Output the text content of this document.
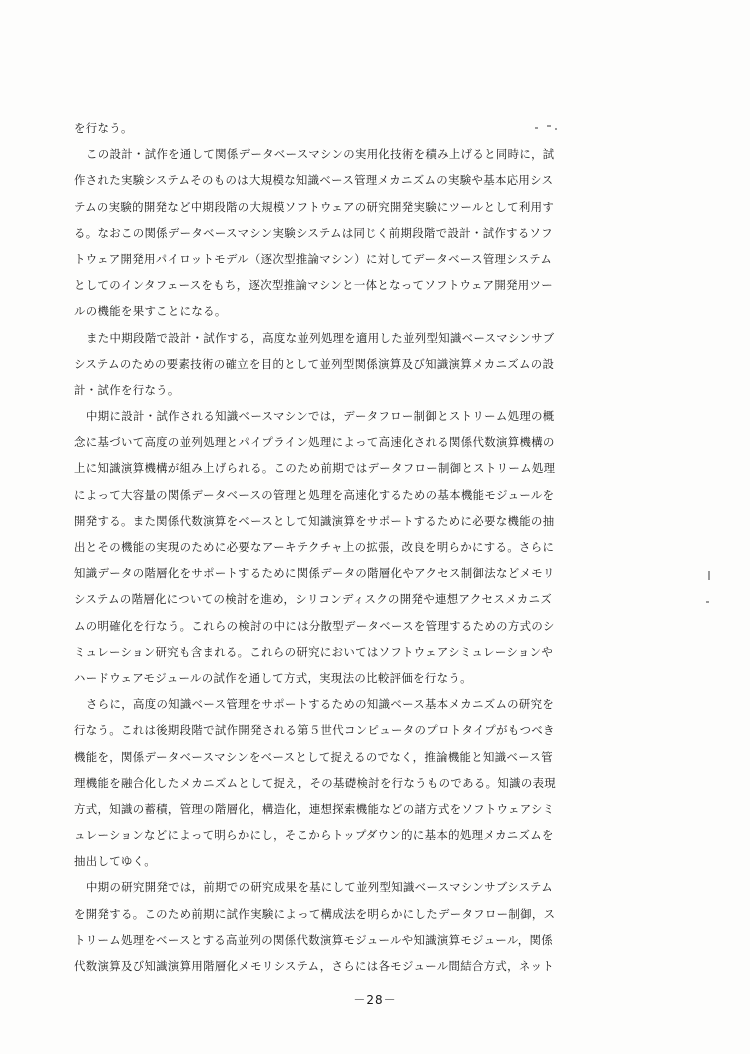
を行なう。
この設計・試作を通して関係データベースマシンの実用化技術を積み上げると同時に，試
作された実験システムそのものは大規模な知識ベース管理メカニズムの実験や基本応用シス
テムの実験的開発など中期段階の大規模ソフトウェアの研究開発実験にツールとして利用す
る。なおこの関係データベースマシン実験システムは同じく前期段階で設計・試作するソフ
トウェア開発用パイロットモデル（逐次型推論マシン）に対してデータベース管理システム
としてのインタフェースをもち，逐次型推論マシンと一体となってソフトウェア開発用ツー
ルの機能を果すことになる。
また中期段階で設計・試作する，高度な並列処理を適用した並列型知識ベースマシンサブ
システムのための要素技術の確立を目的として並列型関係演算及び知識演算メカニズムの設
計・試作を行なう。
中期に設計・試作される知識ベースマシンでは，データフロー制御とストリーム処理の概
念に基づいて高度の並列処理とパイプライン処理によって高速化される関係代数演算機構の
上に知識演算機構が組み上げられる。このため前期ではデータフロー制御とストリーム処理
によって大容量の関係データベースの管理と処理を高速化するための基本機能モジュールを
開発する。また関係代数演算をベースとして知識演算をサポートするために必要な機能の抽
出とその機能の実現のために必要なアーキテクチャ上の拡張，改良を明らかにする。さらに
知識データの階層化をサポートするために関係データの階層化やアクセス制御法などメモリ
システムの階層化についての検討を進め，シリコンディスクの開発や連想アクセスメカニズ
ムの明確化を行なう。これらの検討の中には分散型データベースを管理するための方式のシ
ミュレーション研究も含まれる。これらの研究においてはソフトウェアシミュレーションや
ハードウェアモジュールの試作を通して方式，実現法の比較評価を行なう。
さらに，高度の知識ベース管理をサポートするための知識ベース基本メカニズムの研究を
行なう。これは後期段階で試作開発される第５世代コンピュータのプロトタイプがもつべき
機能を，関係データベースマシンをベースとして捉えるのでなく，推論機能と知識ベース管
理機能を融合化したメカニズムとして捉え，その基礎検討を行なうものである。知識の表現
方式，知識の蓄積，管理の階層化，構造化，連想探索機能などの諸方式をソフトウェアシミ
ュレーションなどによって明らかにし，そこからトップダウン的に基本的処理メカニズムを
抽出してゆく。
中期の研究開発では，前期での研究成果を基にして並列型知識ベースマシンサブシステム
を開発する。このため前期に試作実験によって構成法を明らかにしたデータフロー制御，ス
トリーム処理をベースとする高並列の関係代数演算モジュールや知識演算モジュール，関係
代数演算及び知識演算用階層化メモリシステム，さらには各モジュール間結合方式，ネット
－28－
